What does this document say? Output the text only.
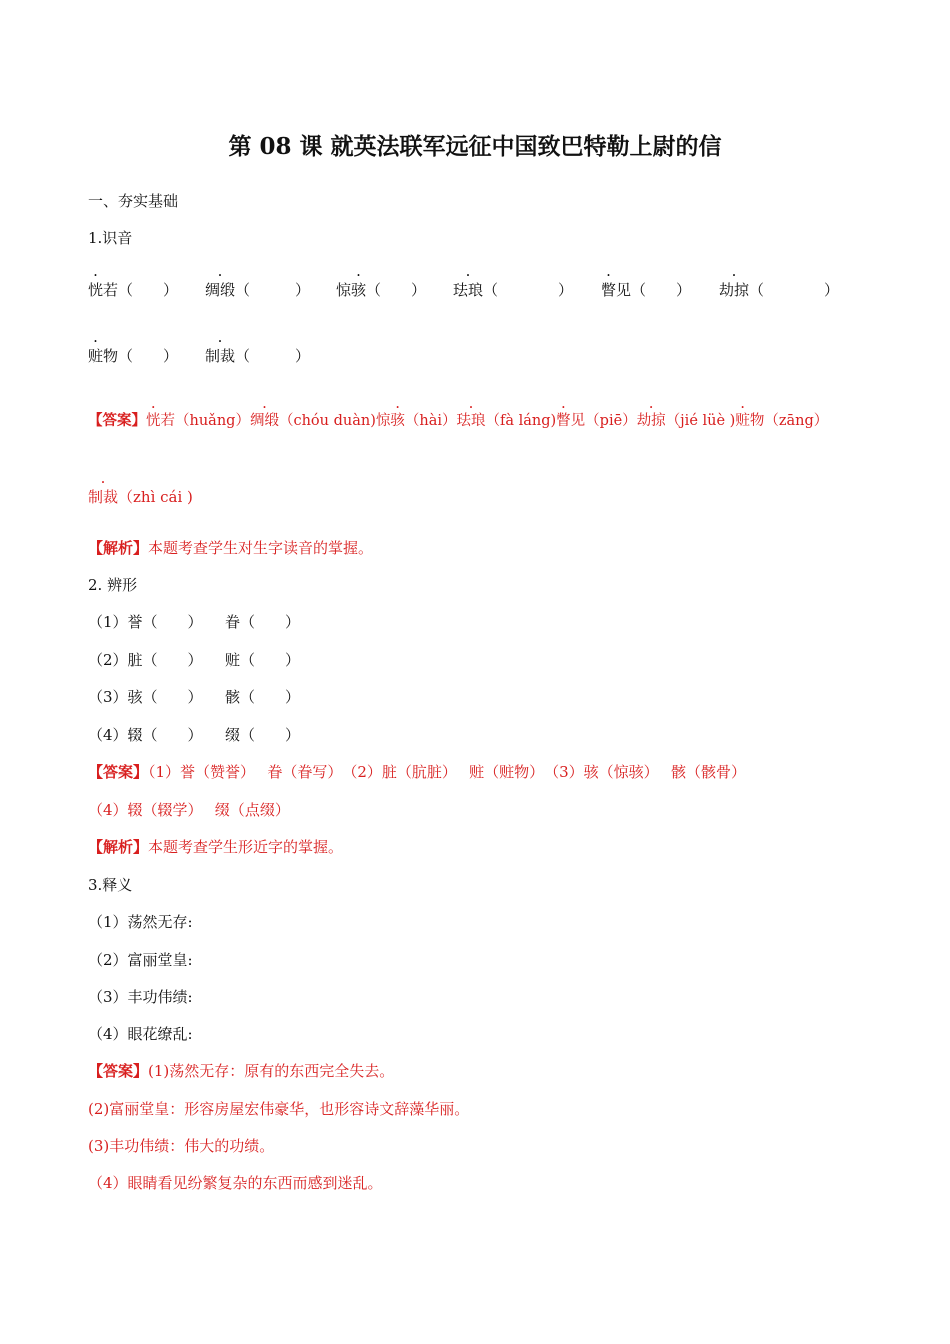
第 08 课 就英法联军远征中国致巴特勒上尉的信
一、夯实基础
1.识音
恍若（　　） 绸缎（　　　） 惊骇（　　） 珐琅（　　　　） 瞥见（　　） 劫掠（　　　　）
赃物（　　） 制裁（　　　）
【答案】恍若（huǎng）绸缎（chóu duàn)惊骇（hài）珐琅（fà láng)瞥见（piē）劫掠（jié lüè )赃物（zāng）
制裁（zhì cái )
【解析】本题考查学生对生字读音的掌握。
2. 辨形
（1）誉（　　）　　眷（　　）
（2）脏（　　）　　赃（　　）
（3）骇（　　）　　骸（　　）
（4）辍（　　）　　缀（　　）
【答案】（1）誉（赞誉）　 眷（眷写）　（2）脏（肮脏）　 赃（赃物）　（3）骇（惊骇）　 骸（骸骨）
（4）辍（辍学）　 缀（点缀）
【解析】本题考查学生形近字的掌握。
3.释义
（1）荡然无存:
（2）富丽堂皇:
（3）丰功伟绩:
（4）眼花缭乱:
【答案】(1)荡然无存：原有的东西完全失去。
(2)富丽堂皇：形容房屋宏伟豪华，也形容诗文辞藻华丽。
(3)丰功伟绩：伟大的功绩。
（4）眼睛看见纷繁复杂的东西而感到迷乱。
